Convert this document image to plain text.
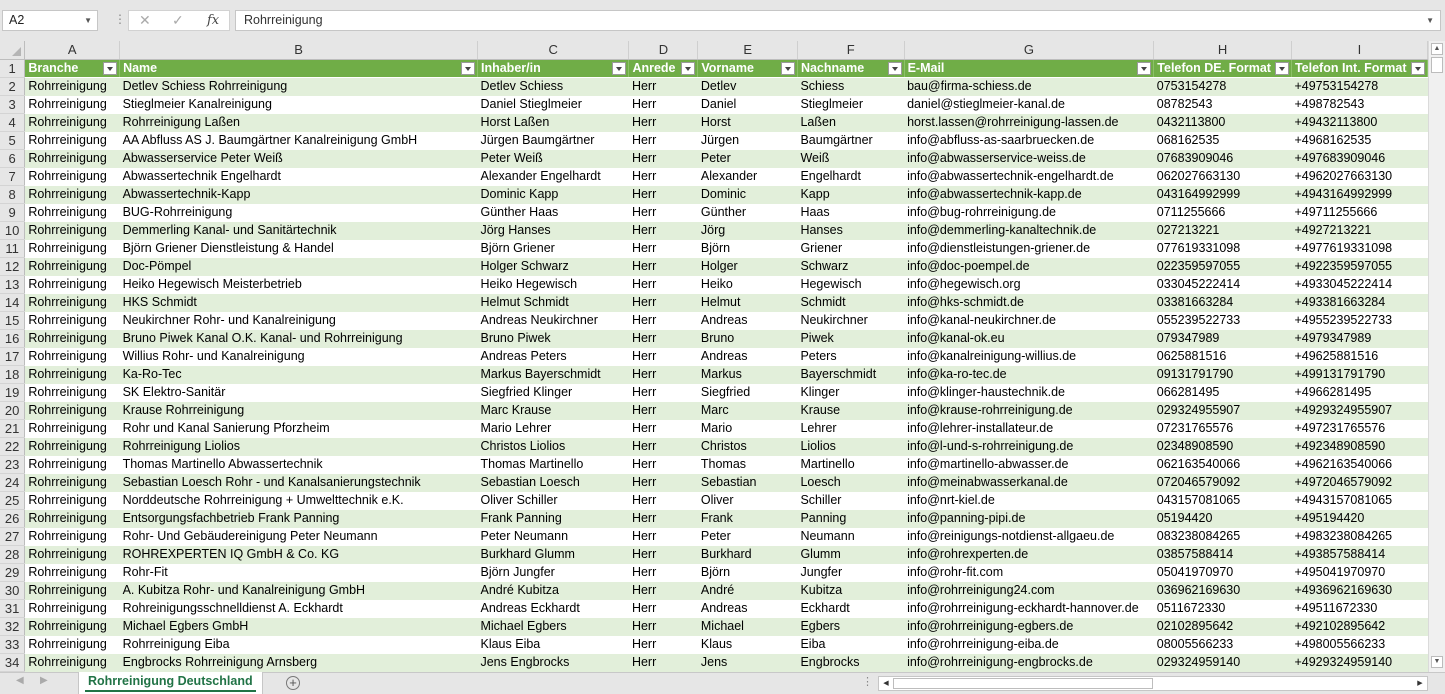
A2	▼ ⋮ ✕ ✓ fx	Rohrreinigung	▼
	A	B	C	D	E	F	G	H	I
1	Branche	Name	Inhaber/in	Anrede	Vorname	Nachname	E-Mail	Telefon DE. Format	Telefon Int. Format

2	Rohrreinigung	Detlev Schiess Rohrreinigung	Detlev Schiess	Herr	Detlev	Schiess	bau@firma-schiess.de	0753154278	+49753154278
3	Rohrreinigung	Stieglmeier Kanalreinigung	Daniel Stieglmeier	Herr	Daniel	Stieglmeier	daniel@stieglmeier-kanal.de	08782543	+498782543
4	Rohrreinigung	Rohrreinigung Laßen	Horst Laßen	Herr	Horst	Laßen	horst.lassen@rohrreinigung-lassen.de	0432113800	+49432113800
5	Rohrreinigung	AA Abfluss AS J. Baumgärtner Kanalreinigung GmbH	Jürgen Baumgärtner	Herr	Jürgen	Baumgärtner	info@abfluss-as-saarbruecken.de	068162535	+4968162535
6	Rohrreinigung	Abwasserservice Peter Weiß	Peter Weiß	Herr	Peter	Weiß	info@abwasserservice-weiss.de	07683909046	+497683909046
7	Rohrreinigung	Abwassertechnik Engelhardt	Alexander Engelhardt	Herr	Alexander	Engelhardt	info@abwassertechnik-engelhardt.de	062027663130	+4962027663130
8	Rohrreinigung	Abwassertechnik-Kapp	Dominic Kapp	Herr	Dominic	Kapp	info@abwassertechnik-kapp.de	043164992999	+4943164992999
9	Rohrreinigung	BUG-Rohrreinigung	Günther Haas	Herr	Günther	Haas	info@bug-rohrreinigung.de	0711255666	+49711255666
10	Rohrreinigung	Demmerling Kanal- und Sanitärtechnik	Jörg Hanses	Herr	Jörg	Hanses	info@demmerling-kanaltechnik.de	027213221	+4927213221
11	Rohrreinigung	Björn Griener Dienstleistung & Handel	Björn Griener	Herr	Björn	Griener	info@dienstleistungen-griener.de	077619331098	+4977619331098
12	Rohrreinigung	Doc-Pömpel	Holger Schwarz	Herr	Holger	Schwarz	info@doc-poempel.de	022359597055	+4922359597055
13	Rohrreinigung	Heiko Hegewisch Meisterbetrieb	Heiko Hegewisch	Herr	Heiko	Hegewisch	info@hegewisch.org	033045222414	+4933045222414
14	Rohrreinigung	HKS Schmidt	Helmut Schmidt	Herr	Helmut	Schmidt	info@hks-schmidt.de	03381663284	+493381663284
15	Rohrreinigung	Neukirchner Rohr- und Kanalreinigung	Andreas Neukirchner	Herr	Andreas	Neukirchner	info@kanal-neukirchner.de	055239522733	+4955239522733
16	Rohrreinigung	Bruno Piwek Kanal O.K. Kanal- und Rohrreinigung	Bruno Piwek	Herr	Bruno	Piwek	info@kanal-ok.eu	079347989	+4979347989
17	Rohrreinigung	Willius Rohr- und Kanalreinigung	Andreas Peters	Herr	Andreas	Peters	info@kanalreinigung-willius.de	0625881516	+49625881516
18	Rohrreinigung	Ka-Ro-Tec	Markus Bayerschmidt	Herr	Markus	Bayerschmidt	info@ka-ro-tec.de	09131791790	+499131791790
19	Rohrreinigung	SK Elektro-Sanitär	Siegfried Klinger	Herr	Siegfried	Klinger	info@klinger-haustechnik.de	066281495	+4966281495
20	Rohrreinigung	Krause Rohrreinigung	Marc Krause	Herr	Marc	Krause	info@krause-rohrreinigung.de	029324955907	+4929324955907
21	Rohrreinigung	Rohr und Kanal Sanierung Pforzheim	Mario Lehrer	Herr	Mario	Lehrer	info@lehrer-installateur.de	07231765576	+497231765576
22	Rohrreinigung	Rohrreinigung Liolios	Christos Liolios	Herr	Christos	Liolios	info@l-und-s-rohrreinigung.de	02348908590	+492348908590
23	Rohrreinigung	Thomas Martinello Abwassertechnik	Thomas Martinello	Herr	Thomas	Martinello	info@martinello-abwasser.de	062163540066	+4962163540066
24	Rohrreinigung	Sebastian Loesch Rohr - und Kanalsanierungstechnik	Sebastian Loesch	Herr	Sebastian	Loesch	info@meinabwasserkanal.de	072046579092	+4972046579092
25	Rohrreinigung	Norddeutsche Rohrreinigung + Umwelttechnik e.K.	Oliver Schiller	Herr	Oliver	Schiller	info@nrt-kiel.de	043157081065	+4943157081065
26	Rohrreinigung	Entsorgungsfachbetrieb Frank Panning	Frank Panning	Herr	Frank	Panning	info@panning-pipi.de	05194420	+495194420
27	Rohrreinigung	Rohr- Und Gebäudereinigung Peter Neumann	Peter Neumann	Herr	Peter	Neumann	info@reinigungs-notdienst-allgaeu.de	083238084265	+4983238084265
28	Rohrreinigung	ROHREXPERTEN IQ GmbH & Co. KG	Burkhard Glumm	Herr	Burkhard	Glumm	info@rohrexperten.de	03857588414	+493857588414
29	Rohrreinigung	Rohr-Fit	Björn Jungfer	Herr	Björn	Jungfer	info@rohr-fit.com	05041970970	+495041970970
30	Rohrreinigung	A. Kubitza Rohr- und Kanalreinigung GmbH	André Kubitza	Herr	André	Kubitza	info@rohrreinigung24.com	036962169630	+4936962169630
31	Rohrreinigung	Rohreinigungsschnelldienst A. Eckhardt	Andreas Eckhardt	Herr	Andreas	Eckhardt	info@rohrreinigung-eckhardt-hannover.de	0511672330	+49511672330
32	Rohrreinigung	Michael Egbers GmbH	Michael Egbers	Herr	Michael	Egbers	info@rohrreinigung-egbers.de	02102895642	+492102895642
33	Rohrreinigung	Rohrreinigung Eiba	Klaus Eiba	Herr	Klaus	Eiba	info@rohrreinigung-eiba.de	08005566233	+498005566233
34	Rohrreinigung	Engbrocks Rohrreinigung Arnsberg	Jens Engbrocks	Herr	Jens	Engbrocks	info@rohrreinigung-engbrocks.de	029324959140	+4929324959140
▲
▼
◀ ▶	Rohrreinigung Deutschland	+	⋮	◀	▶
